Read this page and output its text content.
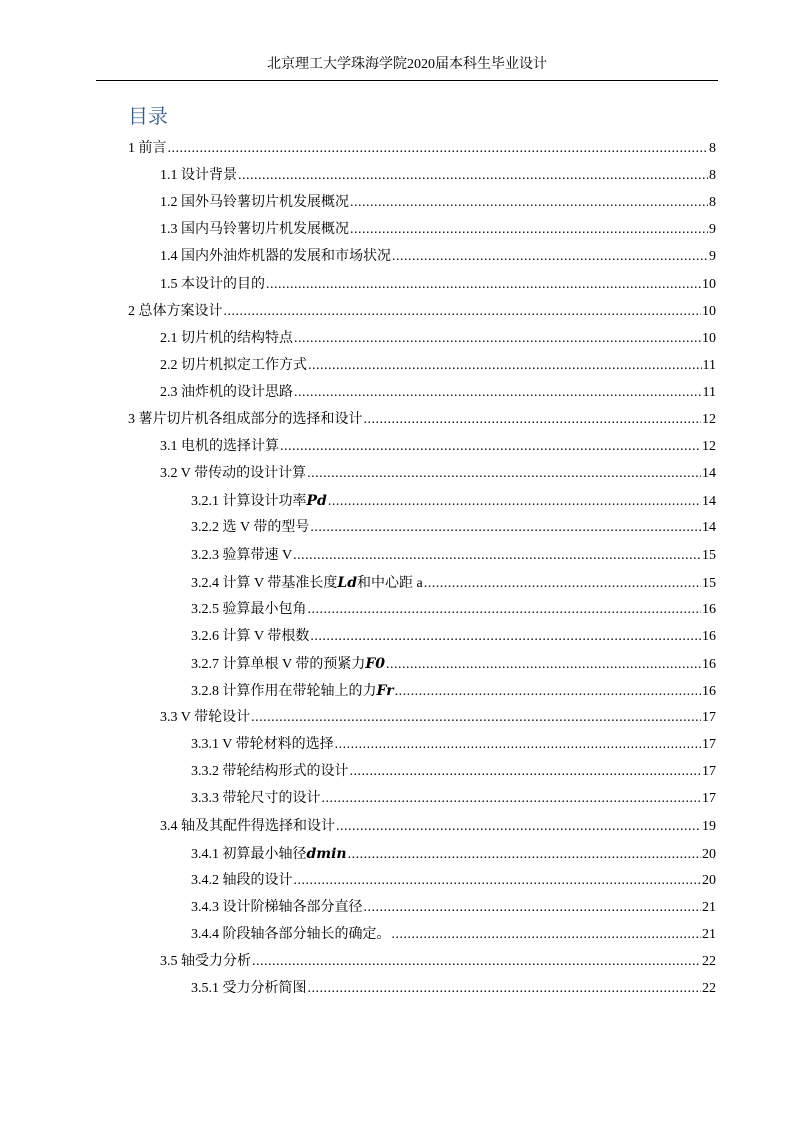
北京理工大学珠海学院2020届本科生毕业设计
目录
1 前言 .....	8
1.1 设计背景 .....	8
1.2 国外马铃薯切片机发展概况 .....	8
1.3 国内马铃薯切片机发展概况 .....	9
1.4 国内外油炸机器的发展和市场状况 .....	9
1.5 本设计的目的 .....	10
2 总体方案设计 .....	10
2.1 切片机的结构特点 .....	10
2.2 切片机拟定工作方式 .....	11
2.3 油炸机的设计思路 .....	11
3 薯片切片机各组成部分的选择和设计 .....	12
3.1 电机的选择计算 .....	12
3.2 V 带传动的设计计算 .....	14
3.2.1 计算设计功率Pd .....	14
3.2.2 选 V 带的型号 .....	14
3.2.3 验算带速 V .....	15
3.2.4 计算 V 带基准长度Ld和中心距 a .....	15
3.2.5 验算最小包角 .....	16
3.2.6 计算 V 带根数 .....	16
3.2.7 计算单根 V 带的预紧力F0 .....	16
3.2.8 计算作用在带轮轴上的力Fr .....	16
3.3 V 带轮设计 .....	17
3.3.1 V 带轮材料的选择 .....	17
3.3.2 带轮结构形式的设计 .....	17
3.3.3 带轮尺寸的设计 .....	17
3.4 轴及其配件得选择和设计 .....	19
3.4.1 初算最小轴径dmin .....	20
3.4.2 轴段的设计 .....	20
3.4.3 设计阶梯轴各部分直径 .....	21
3.4.4 阶段轴各部分轴长的确定。 .....	21
3.5 轴受力分析 .....	22
3.5.1 受力分析简图 .....	22
